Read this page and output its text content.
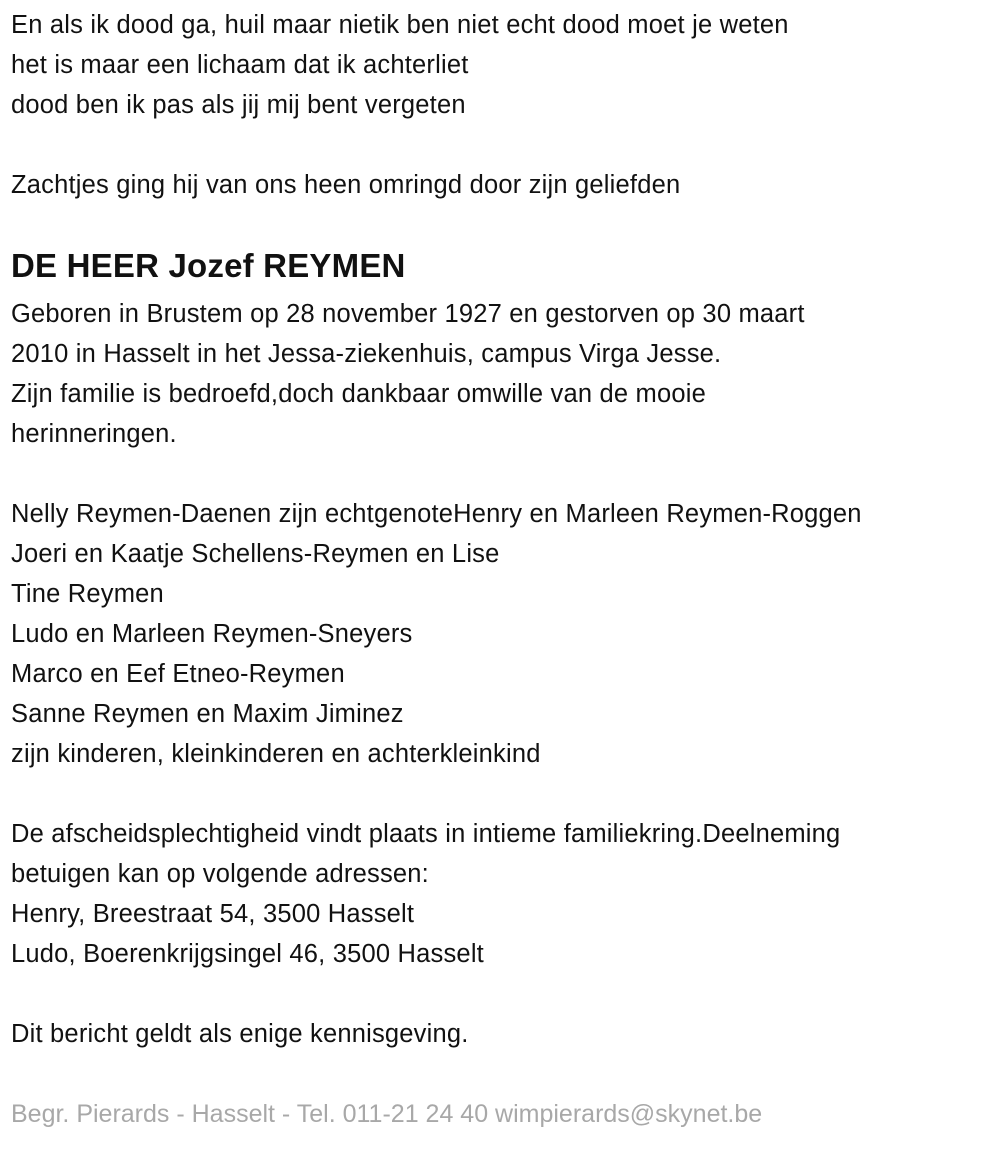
En als ik dood ga, huil maar nietik ben niet echt dood moet je weten
het is maar een lichaam dat ik achterliet
dood ben ik pas als jij mij bent vergeten
Zachtjes ging hij van ons heen omringd door zijn geliefden
DE HEER Jozef REYMEN
Geboren in Brustem op 28 november 1927 en gestorven op 30 maart
2010 in Hasselt in het Jessa-ziekenhuis, campus Virga Jesse.
Zijn familie is bedroefd,doch dankbaar omwille van de mooie
herinneringen.
Nelly Reymen-Daenen zijn echtgenoteHenry en Marleen Reymen-Roggen
Joeri en Kaatje Schellens-Reymen en Lise
Tine Reymen
Ludo en Marleen Reymen-Sneyers
Marco en Eef Etneo-Reymen
Sanne Reymen en Maxim Jiminez
zijn kinderen, kleinkinderen en achterkleinkind
De afscheidsplechtigheid vindt plaats in intieme familiekring.Deelneming
betuigen kan op volgende adressen:
Henry, Breestraat 54, 3500 Hasselt
Ludo, Boerenkrijgsingel 46, 3500 Hasselt
Dit bericht geldt als enige kennisgeving.
Begr. Pierards - Hasselt - Tel. 011-21 24 40 wimpierards@skynet.be
